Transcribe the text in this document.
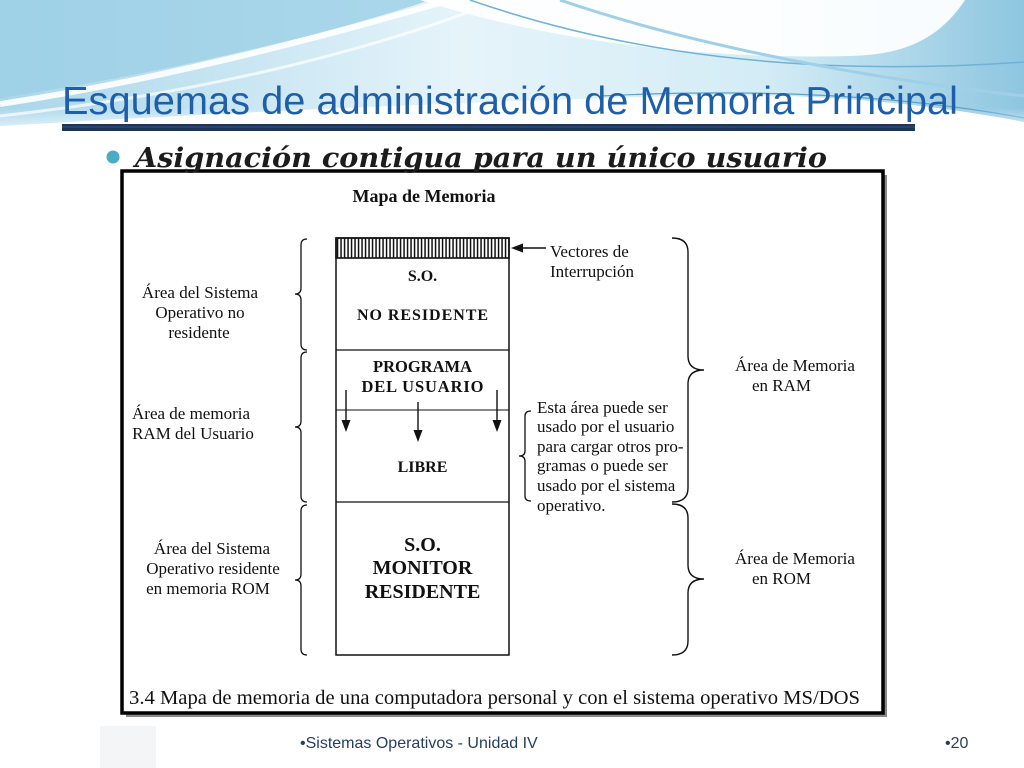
Esquemas de administración de Memoria Principal
Mapa de Memoria
S.O.
NO RESIDENTE
PROGRAMA
DEL USUARIO
LIBRE
S.O.
MONITOR
RESIDENTE
Vectores de
Interrupción
Área del Sistema
Operativo no
residente
Área de memoria
RAM del Usuario
Área del Sistema
Operativo residente
en memoria ROM
Esta área puede ser
usado por el usuario
para cargar otros pro-
gramas o puede ser
usado por el sistema
operativo.
Área de Memoria
en RAM
Área de Memoria
en ROM
3.4 Mapa de memoria de una computadora personal y con el sistema operativo MS/DOS
Asignación contigua para un único usuario
•Sistemas Operativos - Unidad IV	•20
